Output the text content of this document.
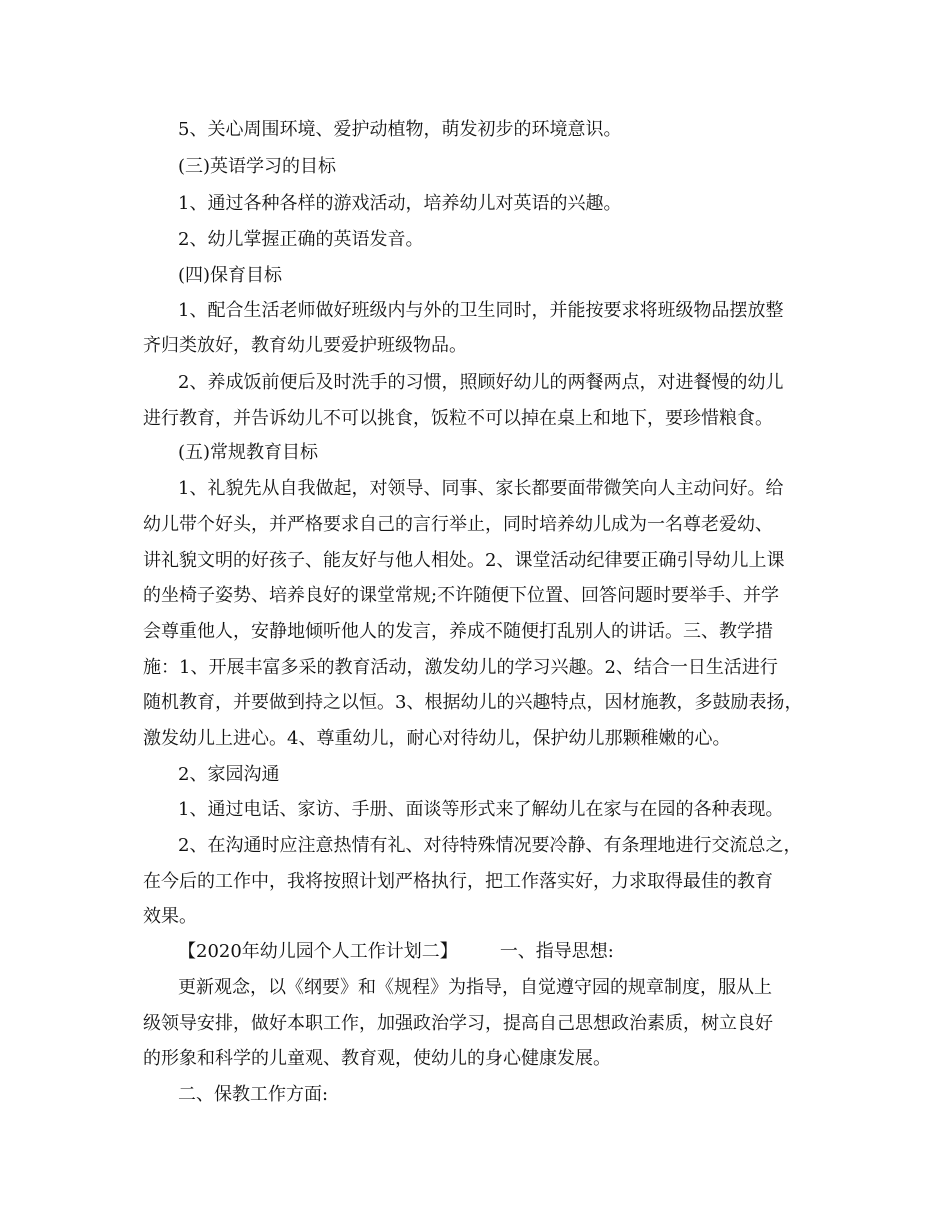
5、关心周围环境、爱护动植物，萌发初步的环境意识。
(三)英语学习的目标
1、通过各种各样的游戏活动，培养幼儿对英语的兴趣。
2、幼儿掌握正确的英语发音。
(四)保育目标
1、配合生活老师做好班级内与外的卫生同时，并能按要求将班级物品摆放整
齐归类放好，教育幼儿要爱护班级物品。
2、养成饭前便后及时洗手的习惯，照顾好幼儿的两餐两点，对进餐慢的幼儿
进行教育，并告诉幼儿不可以挑食，饭粒不可以掉在桌上和地下，要珍惜粮食。
(五)常规教育目标
1、礼貌先从自我做起，对领导、同事、家长都要面带微笑向人主动问好。给
幼儿带个好头，并严格要求自己的言行举止，同时培养幼儿成为一名尊老爱幼、
讲礼貌文明的好孩子、能友好与他人相处。2、课堂活动纪律要正确引导幼儿上课
的坐椅子姿势、培养良好的课堂常规;不许随便下位置、回答问题时要举手、并学
会尊重他人，安静地倾听他人的发言，养成不随便打乱别人的讲话。三、教学措
施：1、开展丰富多采的教育活动，激发幼儿的学习兴趣。2、结合一日生活进行
随机教育，并要做到持之以恒。3、根据幼儿的兴趣特点，因材施教，多鼓励表扬，
激发幼儿上进心。4、尊重幼儿，耐心对待幼儿，保护幼儿那颗稚嫩的心。
2、家园沟通
1、通过电话、家访、手册、面谈等形式来了解幼儿在家与在园的各种表现。
2、在沟通时应注意热情有礼、对待特殊情况要冷静、有条理地进行交流总之，
在今后的工作中，我将按照计划严格执行，把工作落实好，力求取得最佳的教育
效果。
【2020年幼儿园个人工作计划二】 一、指导思想:
更新观念，以《纲要》和《规程》为指导，自觉遵守园的规章制度，服从上
级领导安排，做好本职工作，加强政治学习，提高自己思想政治素质，树立良好
的形象和科学的儿童观、教育观，使幼儿的身心健康发展。
二、保教工作方面:
